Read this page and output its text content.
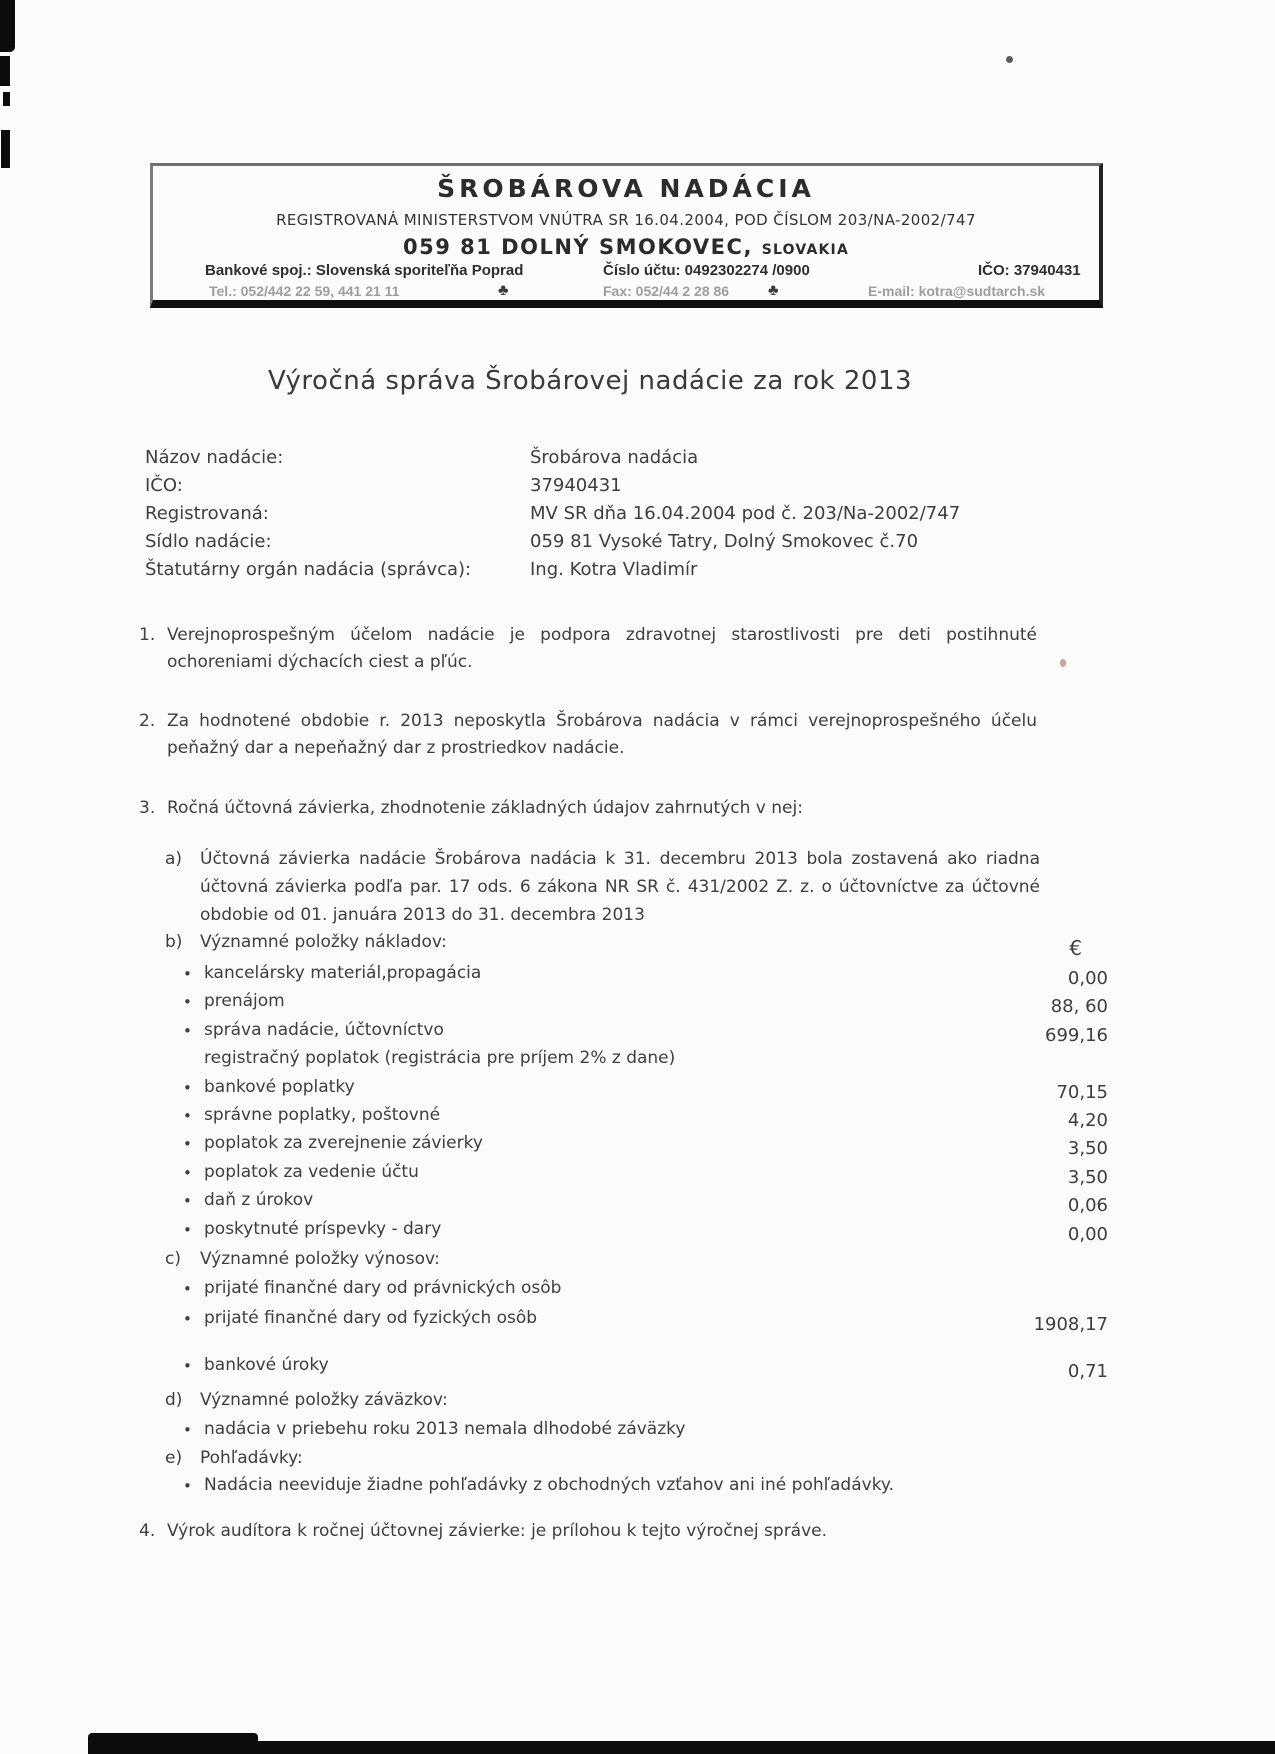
ŠROBÁROVA NADÁCIA
REGISTROVANÁ MINISTERSTVOM VNÚTRA SR 16.04.2004, POD ČÍSLOM 203/NA-2002/747
059 81 DOLNÝ SMOKOVEC, SLOVAKIA
Bankové spoj.: Slovenská sporiteľňa Poprad	Číslo účtu: 0492302274 /0900	IČO: 37940431
Tel.: 052/442 22 59, 441 21 11	♣	Fax: 052/44 2 28 86 ♣	E-mail: kotra@sudtarch.sk
Výročná správa Šrobárovej nadácie za rok 2013
Názov nadácie:	Šrobárova nadácia
IČO:	37940431
Registrovaná:	MV SR dňa 16.04.2004 pod č. 203/Na-2002/747
Sídlo nadácie:	059 81 Vysoké Tatry, Dolný Smokovec č.70
Štatutárny orgán nadácia (správca):	Ing. Kotra Vladimír
1. Verejnoprospešným účelom nadácie je podpora zdravotnej starostlivosti pre deti postihnuté ochoreniami dýchacích ciest a pľúc.
2. Za hodnotené obdobie r. 2013 neposkytla Šrobárova nadácia v rámci verejnoprospešného účelu peňažný dar a nepeňažný dar z prostriedkov nadácie.
3. Ročná účtovná závierka, zhodnotenie základných údajov zahrnutých v nej:
a)	Účtovná závierka nadácie Šrobárova nadácia k 31. decembru 2013 bola zostavená ako riadna účtovná závierka podľa par. 17 ods. 6 zákona NR SR č. 431/2002 Z. z. o účtovníctve za účtovné obdobie od 01. januára 2013 do 31. decembra 2013
b)	Významné položky nákladov:	€
• kancelársky materiál,propagácia	0,00
• prenájom	88, 60
• správa nadácie, účtovníctvo	699,16
registračný poplatok (registrácia pre príjem 2% z dane)
• bankové poplatky	70,15
• správne poplatky, poštovné	4,20
• poplatok za zverejnenie závierky	3,50
• poplatok za vedenie účtu	3,50
• daň z úrokov	0,06
• poskytnuté príspevky - dary	0,00
c)	Významné položky výnosov:
• prijaté finančné dary od právnických osôb
• prijaté finančné dary od fyzických osôb	1908,17
• bankové úroky	0,71
d)	Významné položky záväzkov:
• nadácia v priebehu roku 2013 nemala dlhodobé záväzky
e)	Pohľadávky:
• Nadácia neeviduje žiadne pohľadávky z obchodných vzťahov ani iné pohľadávky.
4. Výrok audítora k ročnej účtovnej závierke: je prílohou k tejto výročnej správe.
